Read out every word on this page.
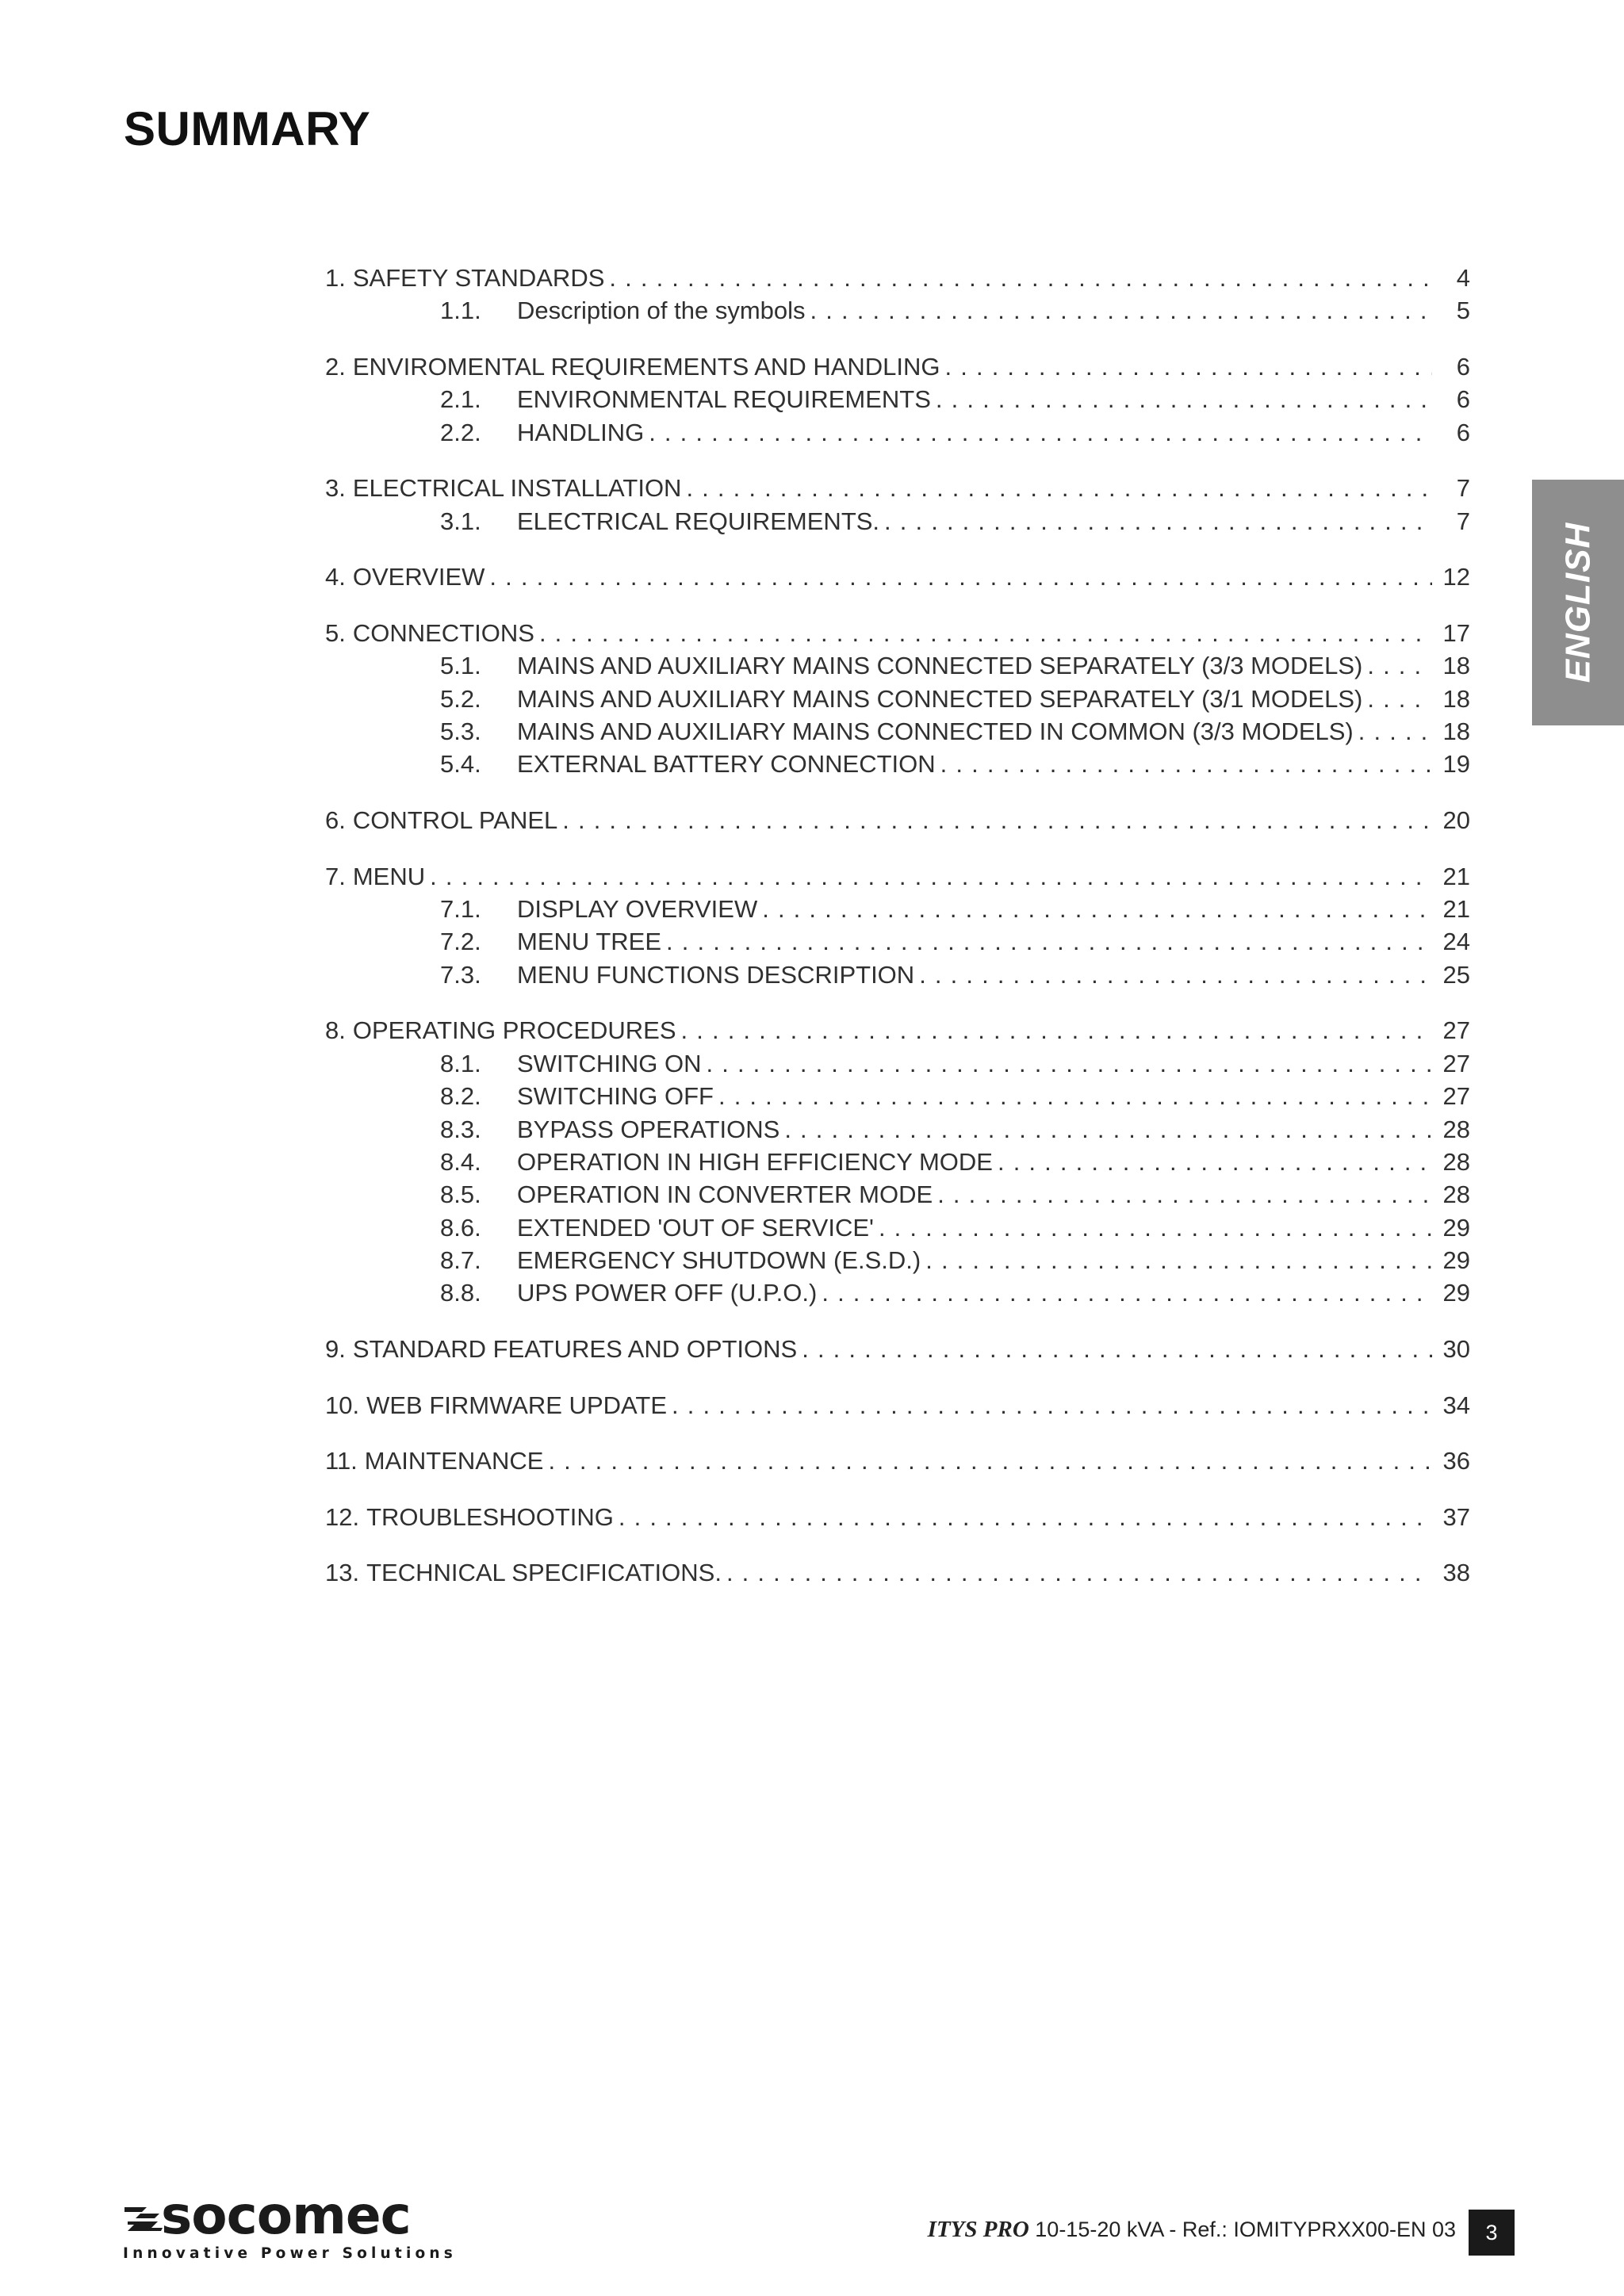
SUMMARY
1. SAFETY STANDARDS . . .	4
1.1.	Description of the symbols . . .	5
2. ENVIROMENTAL REQUIREMENTS AND HANDLING . . .	6
2.1.	ENVIRONMENTAL REQUIREMENTS . . .	6
2.2.	HANDLING . . .	6
3. ELECTRICAL INSTALLATION . . .	7
3.1.	ELECTRICAL REQUIREMENTS. . . .	7
4. OVERVIEW . . .	12
5. CONNECTIONS . . .	17
5.1.	MAINS AND AUXILIARY MAINS CONNECTED SEPARATELY (3/3 MODELS) . . .	18
5.2.	MAINS AND AUXILIARY MAINS CONNECTED SEPARATELY (3/1 MODELS) . . .	18
5.3.	MAINS AND AUXILIARY MAINS CONNECTED IN COMMON (3/3 MODELS) . . .	18
5.4.	EXTERNAL BATTERY CONNECTION . . .	19
6. CONTROL PANEL . . .	20
7. MENU . . .	21
7.1.	DISPLAY OVERVIEW . . .	21
7.2.	MENU TREE . . .	24
7.3.	MENU FUNCTIONS DESCRIPTION . . .	25
8. OPERATING PROCEDURES . . .	27
8.1.	SWITCHING ON . . .	27
8.2.	SWITCHING OFF . . .	27
8.3.	BYPASS OPERATIONS . . .	28
8.4.	OPERATION IN HIGH EFFICIENCY MODE . . .	28
8.5.	OPERATION IN CONVERTER MODE . . .	28
8.6.	EXTENDED 'OUT OF SERVICE' . . .	29
8.7.	EMERGENCY SHUTDOWN (E.S.D.) . . .	29
8.8.	UPS POWER OFF (U.P.O.) . . .	29
9. STANDARD FEATURES AND OPTIONS . . .	30
10. WEB FIRMWARE UPDATE . . .	34
11. MAINTENANCE . . .	36
12. TROUBLESHOOTING . . .	37
13. TECHNICAL SPECIFICATIONS. . . .	38
ENGLISH
socomec
Innovative Power Solutions
ITYS PRO 10-15-20 kVA - Ref.: IOMITYPRXX00-EN 03	3
